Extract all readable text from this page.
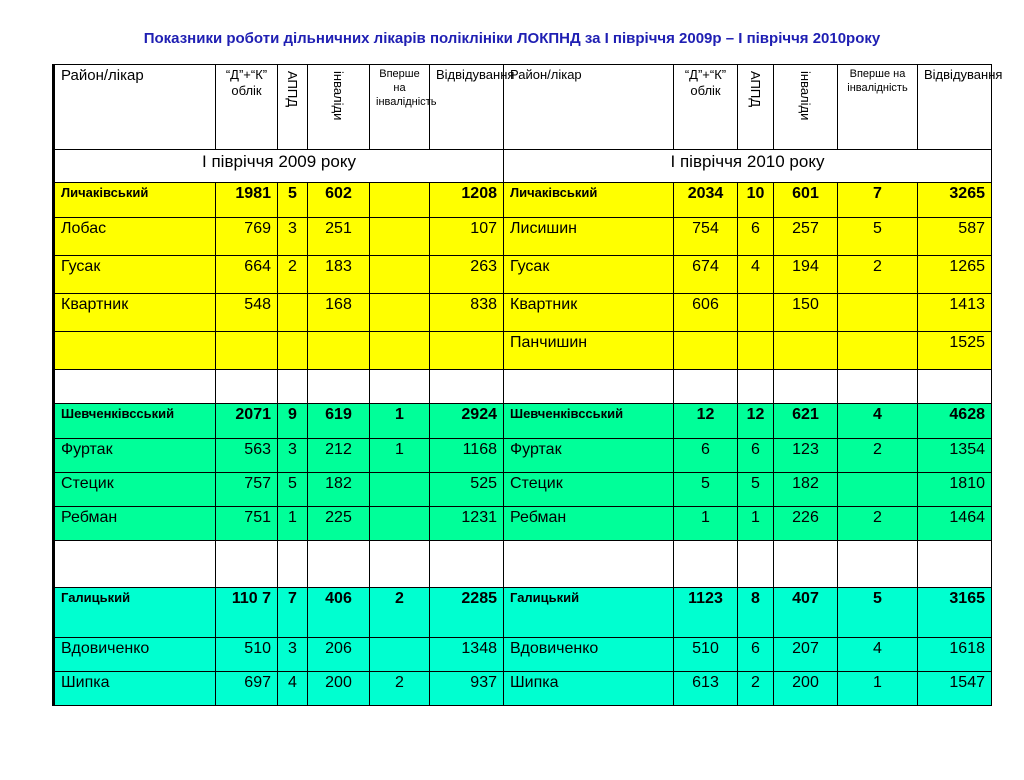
Показники роботи дільничних лікарів поліклініки ЛОКПНД за І півріччя 2009р – І півріччя 2010року
Район/лікар	“Д”+“К” облік	АППД	інваліди	Вперше на інвалідність	Відвідування	Район/лікар	“Д”+“К” облік	АППД	інваліди	Вперше на інвалідність	Відвідування
І півріччя 2009 року						І півріччя 2010 року					
Личаківський	1981	5	602		1208	Личаківський	2034	10	601	7	3265
Лобас	769	3	251		107	Лисишин	754	6	257	5	587
Гусак	664	2	183		263	Гусак	674	4	194	2	1265
Квартник	548		168		838	Квартник	606		150		1413
						Панчишин					1525

Шевченківсський	2071	9	619	1	2924	Шевченківсський	12	12	621	4	4628
Фуртак	563	3	212	1	1168	Фуртак	6	6	123	2	1354
Стецик	757	5	182		525	Стецик	5	5	182		1810
Ребман	751	1	225		1231	Ребман	1	1	226	2	1464

Галицький	110 7	7	406	2	2285	Галицький	1123	8	407	5	3165
Вдовиченко	510	3	206		1348	Вдовиченко	510	6	207	4	1618
Шипка	697	4	200	2	937	Шипка	613	2	200	1	1547
